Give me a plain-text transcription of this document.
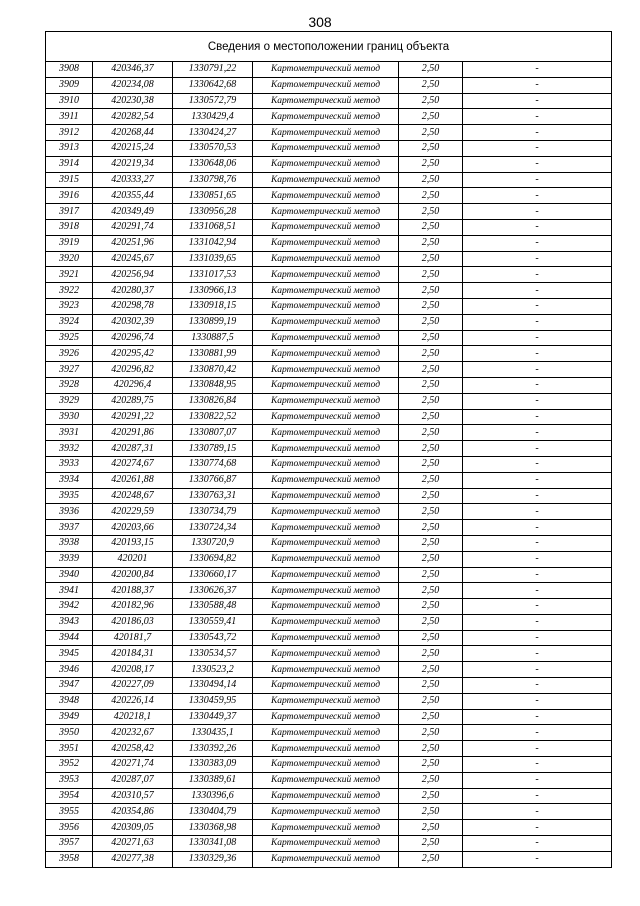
308
Сведения о местоположении границ объекта					
3908	420346,37	1330791,22	Картометрический метод	2,50	-
3909	420234,08	1330642,68	Картометрический метод	2,50	-
3910	420230,38	1330572,79	Картометрический метод	2,50	-
3911	420282,54	1330429,4	Картометрический метод	2,50	-
3912	420268,44	1330424,27	Картометрический метод	2,50	-
3913	420215,24	1330570,53	Картометрический метод	2,50	-
3914	420219,34	1330648,06	Картометрический метод	2,50	-
3915	420333,27	1330798,76	Картометрический метод	2,50	-
3916	420355,44	1330851,65	Картометрический метод	2,50	-
3917	420349,49	1330956,28	Картометрический метод	2,50	-
3918	420291,74	1331068,51	Картометрический метод	2,50	-
3919	420251,96	1331042,94	Картометрический метод	2,50	-
3920	420245,67	1331039,65	Картометрический метод	2,50	-
3921	420256,94	1331017,53	Картометрический метод	2,50	-
3922	420280,37	1330966,13	Картометрический метод	2,50	-
3923	420298,78	1330918,15	Картометрический метод	2,50	-
3924	420302,39	1330899,19	Картометрический метод	2,50	-
3925	420296,74	1330887,5	Картометрический метод	2,50	-
3926	420295,42	1330881,99	Картометрический метод	2,50	-
3927	420296,82	1330870,42	Картометрический метод	2,50	-
3928	420296,4	1330848,95	Картометрический метод	2,50	-
3929	420289,75	1330826,84	Картометрический метод	2,50	-
3930	420291,22	1330822,52	Картометрический метод	2,50	-
3931	420291,86	1330807,07	Картометрический метод	2,50	-
3932	420287,31	1330789,15	Картометрический метод	2,50	-
3933	420274,67	1330774,68	Картометрический метод	2,50	-
3934	420261,88	1330766,87	Картометрический метод	2,50	-
3935	420248,67	1330763,31	Картометрический метод	2,50	-
3936	420229,59	1330734,79	Картометрический метод	2,50	-
3937	420203,66	1330724,34	Картометрический метод	2,50	-
3938	420193,15	1330720,9	Картометрический метод	2,50	-
3939	420201	1330694,82	Картометрический метод	2,50	-
3940	420200,84	1330660,17	Картометрический метод	2,50	-
3941	420188,37	1330626,37	Картометрический метод	2,50	-
3942	420182,96	1330588,48	Картометрический метод	2,50	-
3943	420186,03	1330559,41	Картометрический метод	2,50	-
3944	420181,7	1330543,72	Картометрический метод	2,50	-
3945	420184,31	1330534,57	Картометрический метод	2,50	-
3946	420208,17	1330523,2	Картометрический метод	2,50	-
3947	420227,09	1330494,14	Картометрический метод	2,50	-
3948	420226,14	1330459,95	Картометрический метод	2,50	-
3949	420218,1	1330449,37	Картометрический метод	2,50	-
3950	420232,67	1330435,1	Картометрический метод	2,50	-
3951	420258,42	1330392,26	Картометрический метод	2,50	-
3952	420271,74	1330383,09	Картометрический метод	2,50	-
3953	420287,07	1330389,61	Картометрический метод	2,50	-
3954	420310,57	1330396,6	Картометрический метод	2,50	-
3955	420354,86	1330404,79	Картометрический метод	2,50	-
3956	420309,05	1330368,98	Картометрический метод	2,50	-
3957	420271,63	1330341,08	Картометрический метод	2,50	-
3958	420277,38	1330329,36	Картометрический метод	2,50	-
